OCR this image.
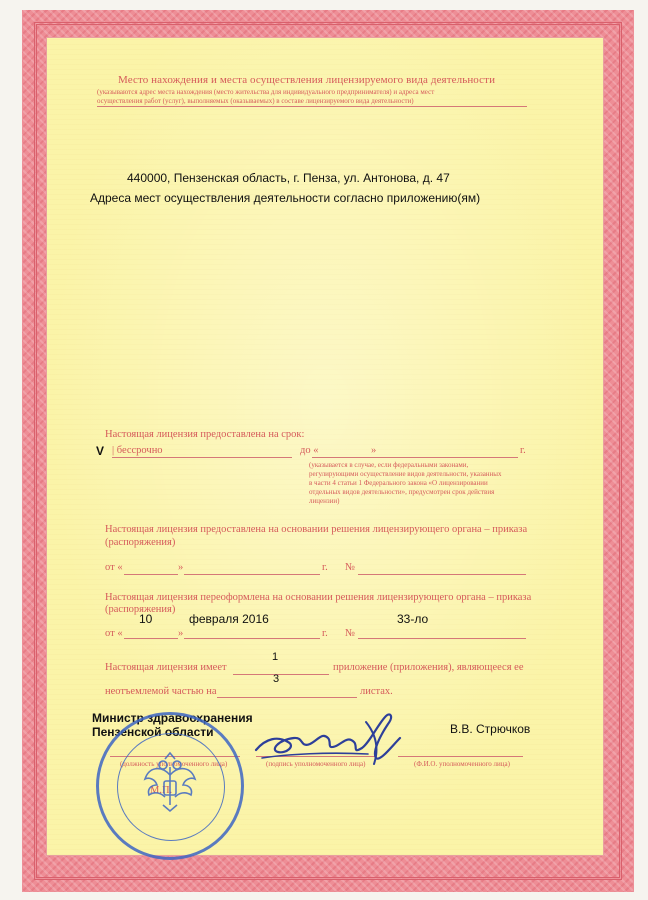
Место нахождения и места осуществления лицензируемого вида деятельности
(указываются адрес места нахождения (место жительства для индивидуального предпринимателя) и адреса мест
осуществления работ (услуг), выполняемых (оказываемых) в составе лицензируемого вида деятельности)
440000, Пензенская область, г. Пенза, ул. Антонова, д. 47
Адреса мест осуществления деятельности согласно приложению(ям)
Настоящая лицензия предоставлена на срок:
V | бессрочно	до «	»	г.
(указывается в случае, если федеральными законами,
регулирующими осуществление видов деятельности, указанных
в части 4 статьи 1 Федерального закона «О лицензировании
отдельных видов деятельности», предусмотрен срок действия
лицензии)
Настоящая лицензия предоставлена на основании решения лицензирующего органа – приказа
(распоряжения)
от «	»	г. №
Настоящая лицензия переоформлена на основании решения лицензирующего органа – приказа
(распоряжения)
10	февраля 2016	33-ло
от «	»	г. №
1
Настоящая лицензия имеет	приложение (приложения), являющееся ее
3
неотъемлемой частью на	листах.
Министр здравоохранения
Пензенской области	В.В. Стрючков
(должность уполномоченного лица)	(подпись уполномоченного лица)	(Ф.И.О. уполномоченного лица)
М.П.
